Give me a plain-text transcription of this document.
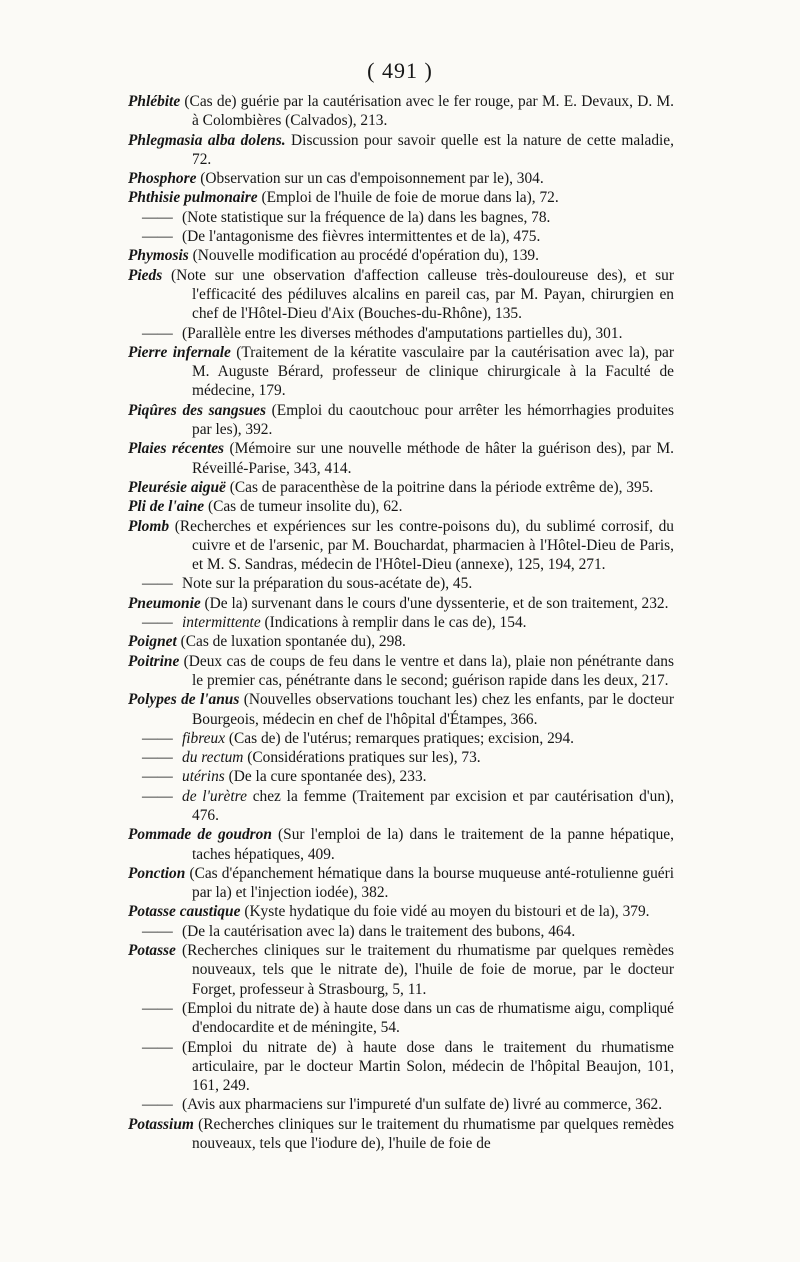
( 491 )
Phlébite (Cas de) guérie par la cautérisation avec le fer rouge, par M. E. Devaux, D. M. à Colombières (Calvados), 213.
Phlegmasia alba dolens. Discussion pour savoir quelle est la nature de cette maladie, 72.
Phosphore (Observation sur un cas d'empoisonnement par le), 304.
Phthisie pulmonaire (Emploi de l'huile de foie de morue dans la), 72.
—— (Note statistique sur la fréquence de la) dans les bagnes, 78.
—— (De l'antagonisme des fièvres intermittentes et de la), 475.
Phymosis (Nouvelle modification au procédé d'opération du), 139.
Pieds (Note sur une observation d'affection calleuse très-douloureuse des), et sur l'efficacité des pédiluves alcalins en pareil cas, par M. Payan, chirurgien en chef de l'Hôtel-Dieu d'Aix (Bouches-du-Rhône), 135.
—— (Parallèle entre les diverses méthodes d'amputations partielles du), 301.
Pierre infernale (Traitement de la kératite vasculaire par la cautérisation avec la), par M. Auguste Bérard, professeur de clinique chirurgicale à la Faculté de médecine, 179.
Piqûres des sangsues (Emploi du caoutchouc pour arrêter les hémorrhagies produites par les), 392.
Plaies récentes (Mémoire sur une nouvelle méthode de hâter la guérison des), par M. Réveillé-Parise, 343, 414.
Pleurésie aiguë (Cas de paracenthèse de la poitrine dans la période extrême de), 395.
Pli de l'aine (Cas de tumeur insolite du), 62.
Plomb (Recherches et expériences sur les contre-poisons du), du sublimé corrosif, du cuivre et de l'arsenic, par M. Bouchardat, pharmacien à l'Hôtel-Dieu de Paris, et M. S. Sandras, médecin de l'Hôtel-Dieu (annexe), 125, 194, 271.
—— Note sur la préparation du sous-acétate de), 45.
Pneumonie (De la) survenant dans le cours d'une dyssenterie, et de son traitement, 232.
—— intermittente (Indications à remplir dans le cas de), 154.
Poignet (Cas de luxation spontanée du), 298.
Poitrine (Deux cas de coups de feu dans le ventre et dans la), plaie non pénétrante dans le premier cas, pénétrante dans le second; guérison rapide dans les deux, 217.
Polypes de l'anus (Nouvelles observations touchant les) chez les enfants, par le docteur Bourgeois, médecin en chef de l'hôpital d'Étampes, 366.
—— fibreux (Cas de) de l'utérus; remarques pratiques; excision, 294.
—— du rectum (Considérations pratiques sur les), 73.
—— utérins (De la cure spontanée des), 233.
—— de l'urètre chez la femme (Traitement par excision et par cautérisation d'un), 476.
Pommade de goudron (Sur l'emploi de la) dans le traitement de la panne hépatique, taches hépatiques, 409.
Ponction (Cas d'épanchement hématique dans la bourse muqueuse anté-rotulienne guéri par la) et l'injection iodée), 382.
Potasse caustique (Kyste hydatique du foie vidé au moyen du bistouri et de la), 379.
—— (De la cautérisation avec la) dans le traitement des bubons, 464.
Potasse (Recherches cliniques sur le traitement du rhumatisme par quelques remèdes nouveaux, tels que le nitrate de), l'huile de foie de morue, par le docteur Forget, professeur à Strasbourg, 5, 11.
—— (Emploi du nitrate de) à haute dose dans un cas de rhumatisme aigu, compliqué d'endocardite et de méningite, 54.
—— (Emploi du nitrate de) à haute dose dans le traitement du rhumatisme articulaire, par le docteur Martin Solon, médecin de l'hôpital Beaujon, 101, 161, 249.
—— (Avis aux pharmaciens sur l'impureté d'un sulfate de) livré au commerce, 362.
Potassium (Recherches cliniques sur le traitement du rhumatisme par quelques remèdes nouveaux, tels que l'iodure de), l'huile de foie de
